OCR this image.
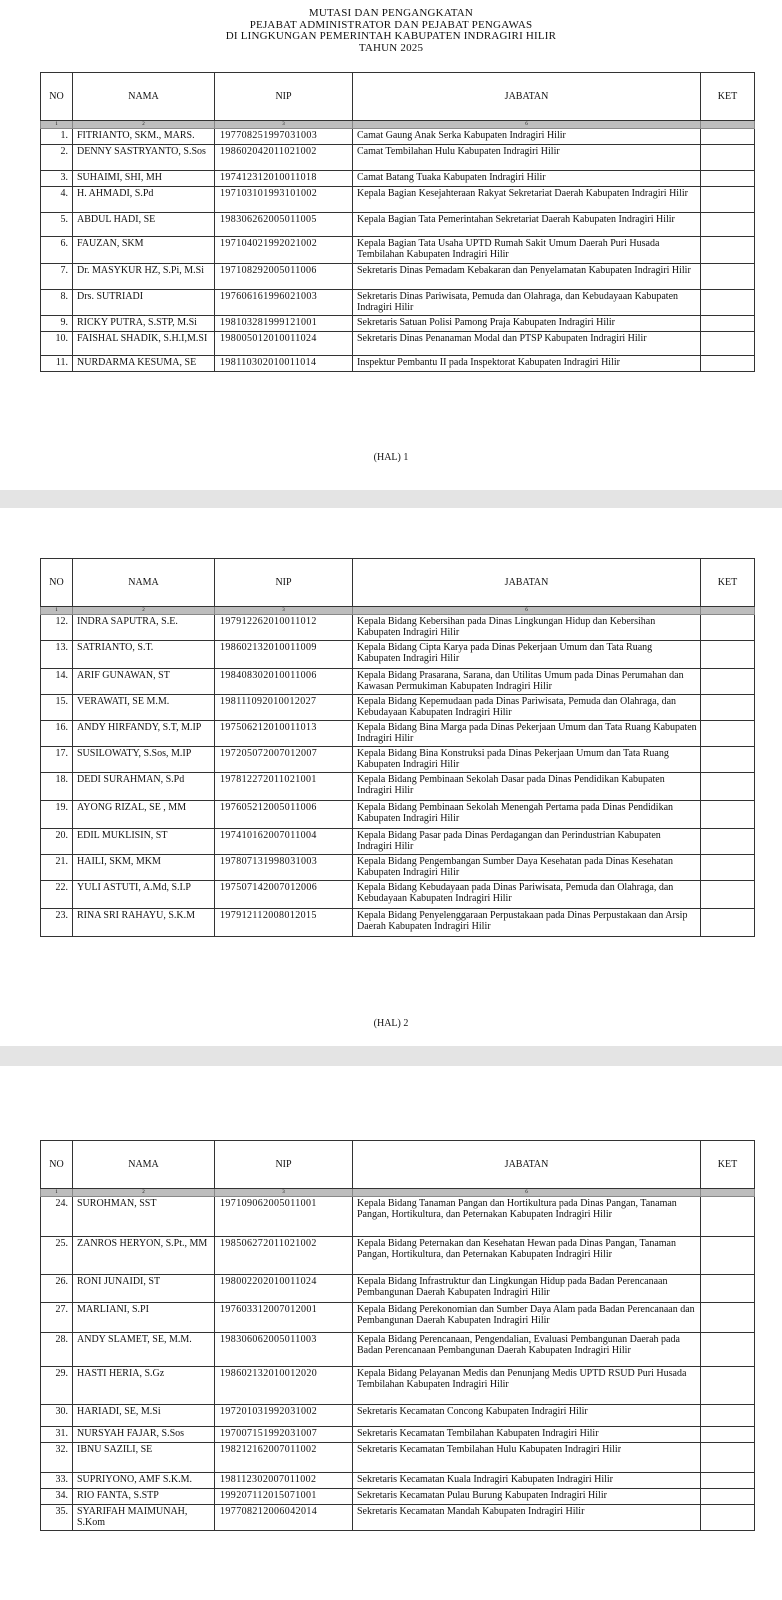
MUTASI DAN PENGANGKATAN
PEJABAT ADMINISTRATOR DAN PEJABAT PENGAWAS
DI LINGKUNGAN PEMERINTAH KABUPATEN INDRAGIRI HILIR
TAHUN 2025
NO	NAMA	NIP	JABATAN	KET
1	2	3	6	
1.	FITRIANTO, SKM., MARS.	197708251997031003	Camat Gaung Anak Serka Kabupaten Indragiri Hilir	
2.	DENNY SASTRYANTO, S.Sos	198602042011021002	Camat Tembilahan Hulu Kabupaten Indragiri Hilir	
3.	SUHAIMI, SHI, MH	197412312010011018	Camat Batang Tuaka Kabupaten Indragiri Hilir	
4.	H. AHMADI, S.Pd	197103101993101002	Kepala Bagian Kesejahteraan Rakyat Sekretariat Daerah Kabupaten Indragiri Hilir	
5.	ABDUL HADI, SE	198306262005011005	Kepala Bagian Tata Pemerintahan Sekretariat Daerah Kabupaten Indragiri Hilir	
6.	FAUZAN, SKM	197104021992021002	Kepala Bagian Tata Usaha UPTD Rumah Sakit Umum Daerah Puri Husada Tembilahan Kabupaten Indragiri Hilir	
7.	Dr. MASYKUR HZ, S.Pi, M.Si	197108292005011006	Sekretaris Dinas Pemadam Kebakaran dan Penyelamatan Kabupaten Indragiri Hilir	
8.	Drs. SUTRIADI	197606161996021003	Sekretaris Dinas Pariwisata, Pemuda dan Olahraga, dan Kebudayaan Kabupaten Indragiri Hilir	
9.	RICKY PUTRA, S.STP, M.Si	198103281999121001	Sekretaris Satuan Polisi Pamong Praja Kabupaten Indragiri Hilir	
10.	FAISHAL SHADIK, S.H.I,M.SI	198005012010011024	Sekretaris Dinas Penanaman Modal dan PTSP Kabupaten Indragiri Hilir	
11.	NURDARMA KESUMA, SE	198110302010011014	Inspektur Pembantu II pada Inspektorat Kabupaten Indragiri Hilir	
(HAL) 1
NO	NAMA	NIP	JABATAN	KET
1	2	3	6	
12.	INDRA SAPUTRA, S.E.	197912262010011012	Kepala Bidang Kebersihan pada Dinas Lingkungan Hidup dan Kebersihan Kabupaten Indragiri Hilir	
13.	SATRIANTO, S.T.	198602132010011009	Kepala Bidang Cipta Karya pada Dinas Pekerjaan Umum dan Tata Ruang Kabupaten Indragiri Hilir	
14.	ARIF GUNAWAN, ST	198408302010011006	Kepala Bidang Prasarana, Sarana, dan Utilitas Umum pada Dinas Perumahan dan Kawasan Permukiman Kabupaten Indragiri Hilir	
15.	VERAWATI, SE M.M.	198111092010012027	Kepala Bidang Kepemudaan pada Dinas Pariwisata, Pemuda dan Olahraga, dan Kebudayaan Kabupaten Indragiri Hilir	
16.	ANDY HIRFANDY, S.T, M.IP	197506212010011013	Kepala Bidang Bina Marga pada Dinas Pekerjaan Umum dan Tata Ruang Kabupaten Indragiri Hilir	
17.	SUSILOWATY, S.Sos, M.IP	197205072007012007	Kepala Bidang Bina Konstruksi pada Dinas Pekerjaan Umum dan Tata Ruang Kabupaten Indragiri Hilir	
18.	DEDI SURAHMAN, S.Pd	197812272011021001	Kepala Bidang Pembinaan Sekolah Dasar pada Dinas Pendidikan Kabupaten Indragiri Hilir	
19.	AYONG RIZAL, SE , MM	197605212005011006	Kepala Bidang Pembinaan Sekolah Menengah Pertama pada Dinas Pendidikan Kabupaten Indragiri Hilir	
20.	EDIL MUKLISIN, ST	197410162007011004	Kepala Bidang Pasar pada Dinas Perdagangan dan Perindustrian Kabupaten Indragiri Hilir	
21.	HAILI, SKM, MKM	197807131998031003	Kepala Bidang Pengembangan Sumber Daya Kesehatan pada Dinas Kesehatan Kabupaten Indragiri Hilir	
22.	YULI ASTUTI, A.Md, S.I.P	197507142007012006	Kepala Bidang Kebudayaan pada Dinas Pariwisata, Pemuda dan Olahraga, dan Kebudayaan Kabupaten Indragiri Hilir	
23.	RINA SRI RAHAYU, S.K.M	197912112008012015	Kepala Bidang Penyelenggaraan Perpustakaan pada Dinas Perpustakaan dan Arsip Daerah Kabupaten Indragiri Hilir	
(HAL) 2
NO	NAMA	NIP	JABATAN	KET
1	2	3	6	
24.	SUROHMAN, SST	197109062005011001	Kepala Bidang Tanaman Pangan dan Hortikultura pada Dinas Pangan, Tanaman Pangan, Hortikultura, dan Peternakan Kabupaten Indragiri Hilir	
25.	ZANROS HERYON, S.Pt., MM	198506272011021002	Kepala Bidang Peternakan dan Kesehatan Hewan pada Dinas Pangan, Tanaman Pangan, Hortikultura, dan Peternakan Kabupaten Indragiri Hilir	
26.	RONI JUNAIDI, ST	198002202010011024	Kepala Bidang Infrastruktur dan Lingkungan Hidup pada Badan Perencanaan Pembangunan Daerah Kabupaten Indragiri Hilir	
27.	MARLIANI, S.PI	197603312007012001	Kepala Bidang Perekonomian dan Sumber Daya Alam pada Badan Perencanaan dan Pembangunan Daerah Kabupaten Indragiri Hilir	
28.	ANDY SLAMET, SE, M.M.	198306062005011003	Kepala Bidang Perencanaan, Pengendalian, Evaluasi Pembangunan Daerah pada Badan Perencanaan Pembangunan Daerah Kabupaten Indragiri Hilir	
29.	HASTI HERIA, S.Gz	198602132010012020	Kepala Bidang Pelayanan Medis dan Penunjang Medis UPTD RSUD Puri Husada Tembilahan Kabupaten Indragiri Hilir	
30.	HARIADI, SE, M.Si	197201031992031002	Sekretaris Kecamatan Concong Kabupaten Indragiri Hilir	
31.	NURSYAH FAJAR, S.Sos	197007151992031007	Sekretaris Kecamatan Tembilahan Kabupaten Indragiri Hilir	
32.	IBNU SAZILI, SE	198212162007011002	Sekretaris Kecamatan Tembilahan Hulu Kabupaten Indragiri Hilir	
33.	SUPRIYONO, AMF S.K.M.	198112302007011002	Sekretaris Kecamatan Kuala Indragiri Kabupaten Indragiri Hilir	
34.	RIO FANTA, S.STP	199207112015071001	Sekretaris Kecamatan Pulau Burung Kabupaten Indragiri Hilir	
35.	SYARIFAH MAIMUNAH, S.Kom	197708212006042014	Sekretaris Kecamatan Mandah Kabupaten Indragiri Hilir	
